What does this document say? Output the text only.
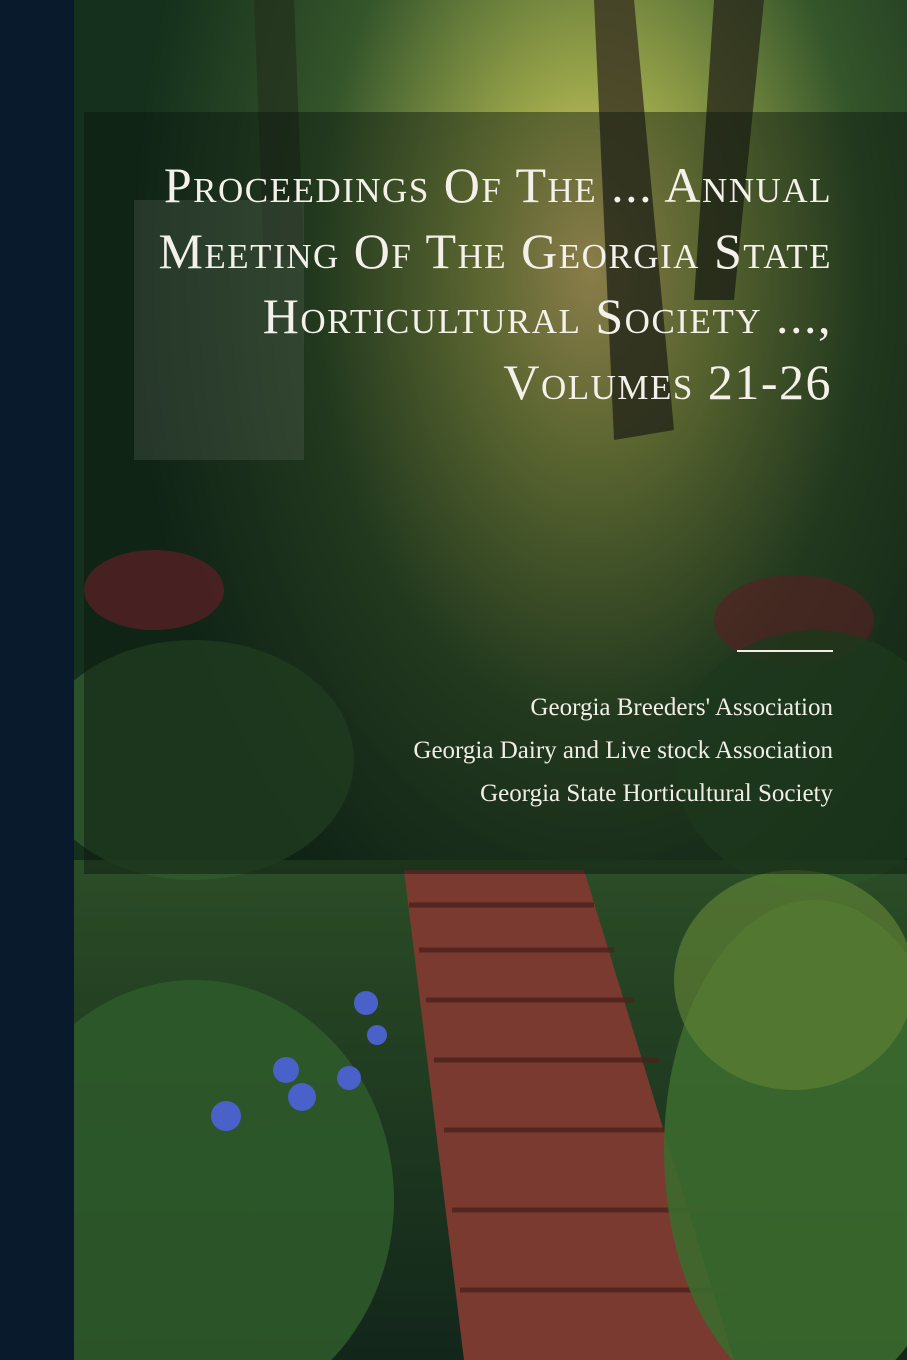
Proceedings Of The ... Annual Meeting Of The Georgia State Horticultural Society ..., Volumes 21-26
Georgia Breeders' Association
Georgia Dairy and Live stock Association
Georgia State Horticultural Society
